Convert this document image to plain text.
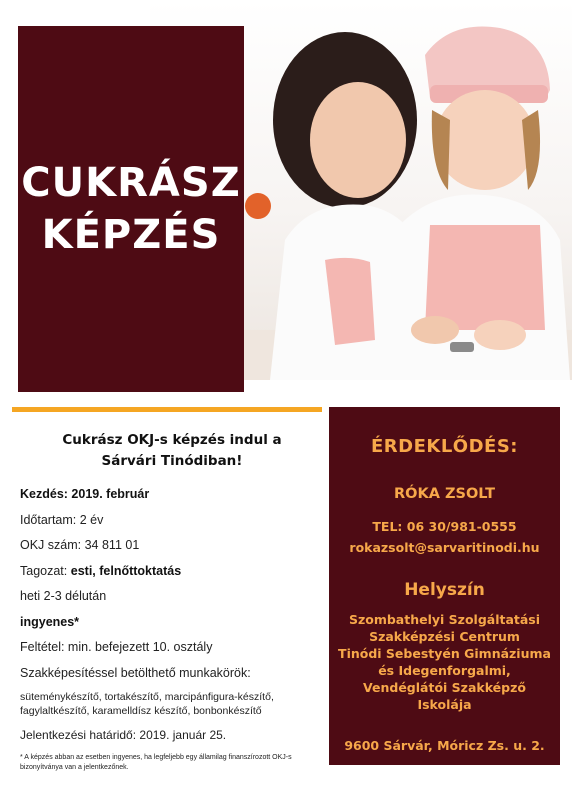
CUKRÁSZ
KÉPZÉS
Cukrász OKJ-s képzés indul a
Sárvári Tinódiban!
Kezdés: 2019. február
Időtartam: 2 év
OKJ szám: 34 811 01
Tagozat: esti, felnőttoktatás
heti 2-3 délután
ingyenes*
Feltétel: min. befejezett 10. osztály
Szakképesítéssel betölthető munkakörök:
süteménykészítő, tortakészítő, marcipánfigura-készítő,
fagylaltkészítő, karamelldísz készítő, bonbonkészítő
Jelentkezési határidő: 2019. január 25.
* A képzés abban az esetben ingyenes, ha legfeljebb egy államilag finanszírozott OKJ-s bizonyítványa van a jelentkezőnek.
ÉRDEKLŐDÉS:
RÓKA ZSOLT
TEL: 06 30/981-0555
rokazsolt@sarvaritinodi.hu
Helyszín
Szombathelyi Szolgáltatási
Szakképzési Centrum
Tinódi Sebestyén Gimnáziuma
és Idegenforgalmi,
Vendéglátói Szakképző
Iskolája
9600 Sárvár, Móricz Zs. u. 2.
